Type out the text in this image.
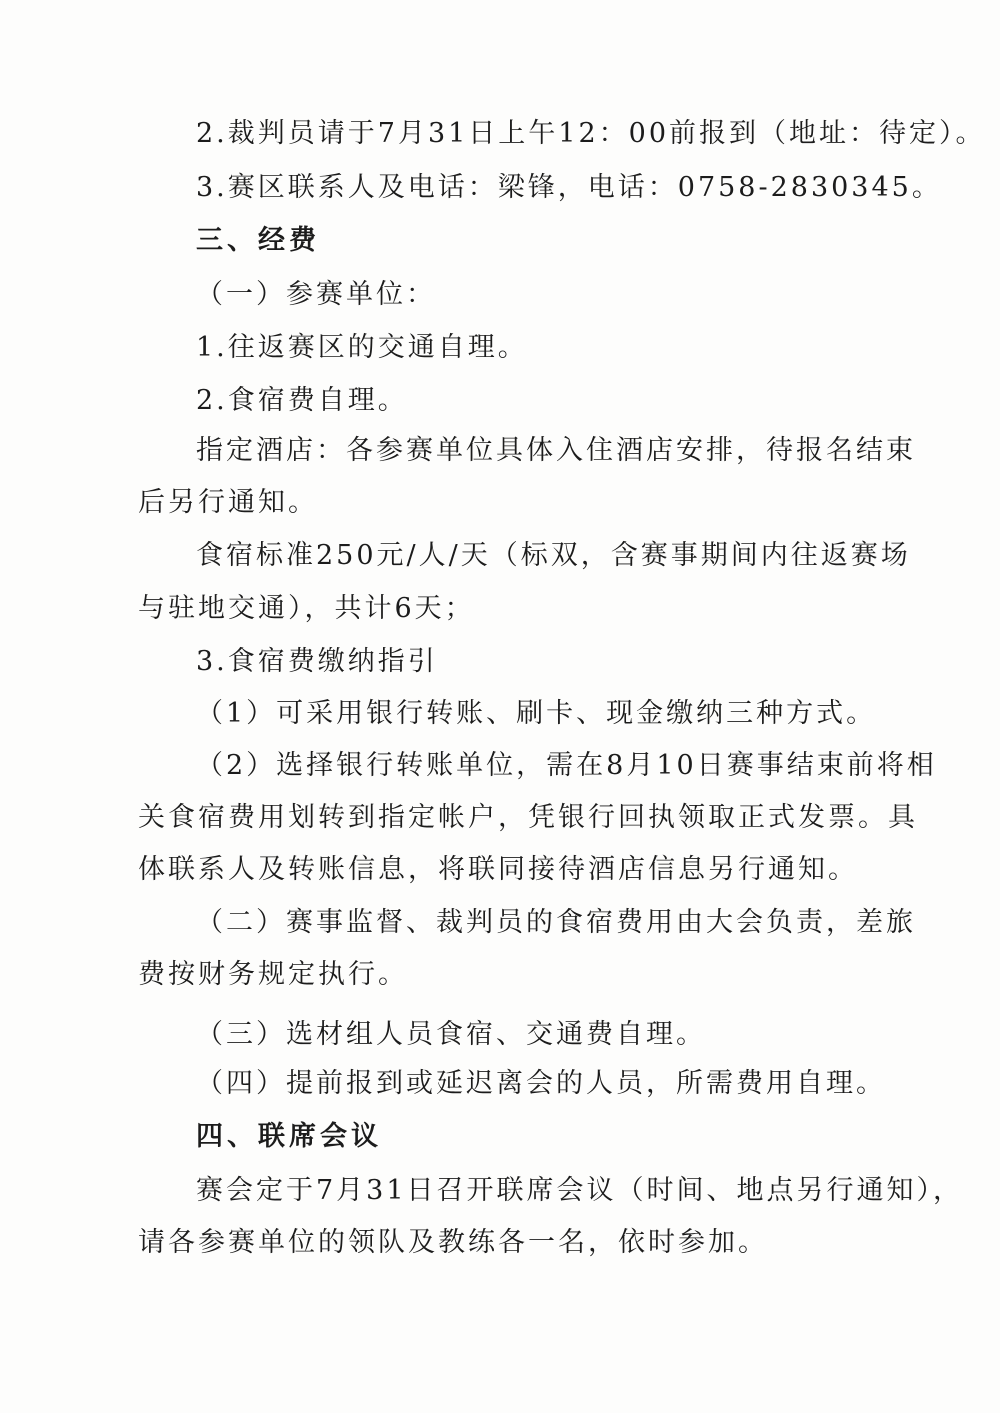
2.裁判员请于7月31日上午12：00前报到（地址：待定）。
3.赛区联系人及电话：梁锋，电话：0758-2830345。
三、经费
（一）参赛单位：
1.往返赛区的交通自理。
2.食宿费自理。
指定酒店：各参赛单位具体入住酒店安排，待报名结束
后另行通知。
食宿标准250元/人/天（标双，含赛事期间内往返赛场
与驻地交通），共计6天；
3.食宿费缴纳指引
（1）可采用银行转账、刷卡、现金缴纳三种方式。
（2）选择银行转账单位，需在8月10日赛事结束前将相
关食宿费用划转到指定帐户，凭银行回执领取正式发票。具
体联系人及转账信息，将联同接待酒店信息另行通知。
（二）赛事监督、裁判员的食宿费用由大会负责，差旅
费按财务规定执行。
（三）选材组人员食宿、交通费自理。
（四）提前报到或延迟离会的人员，所需费用自理。
四、联席会议
赛会定于7月31日召开联席会议（时间、地点另行通知），
请各参赛单位的领队及教练各一名，依时参加。
